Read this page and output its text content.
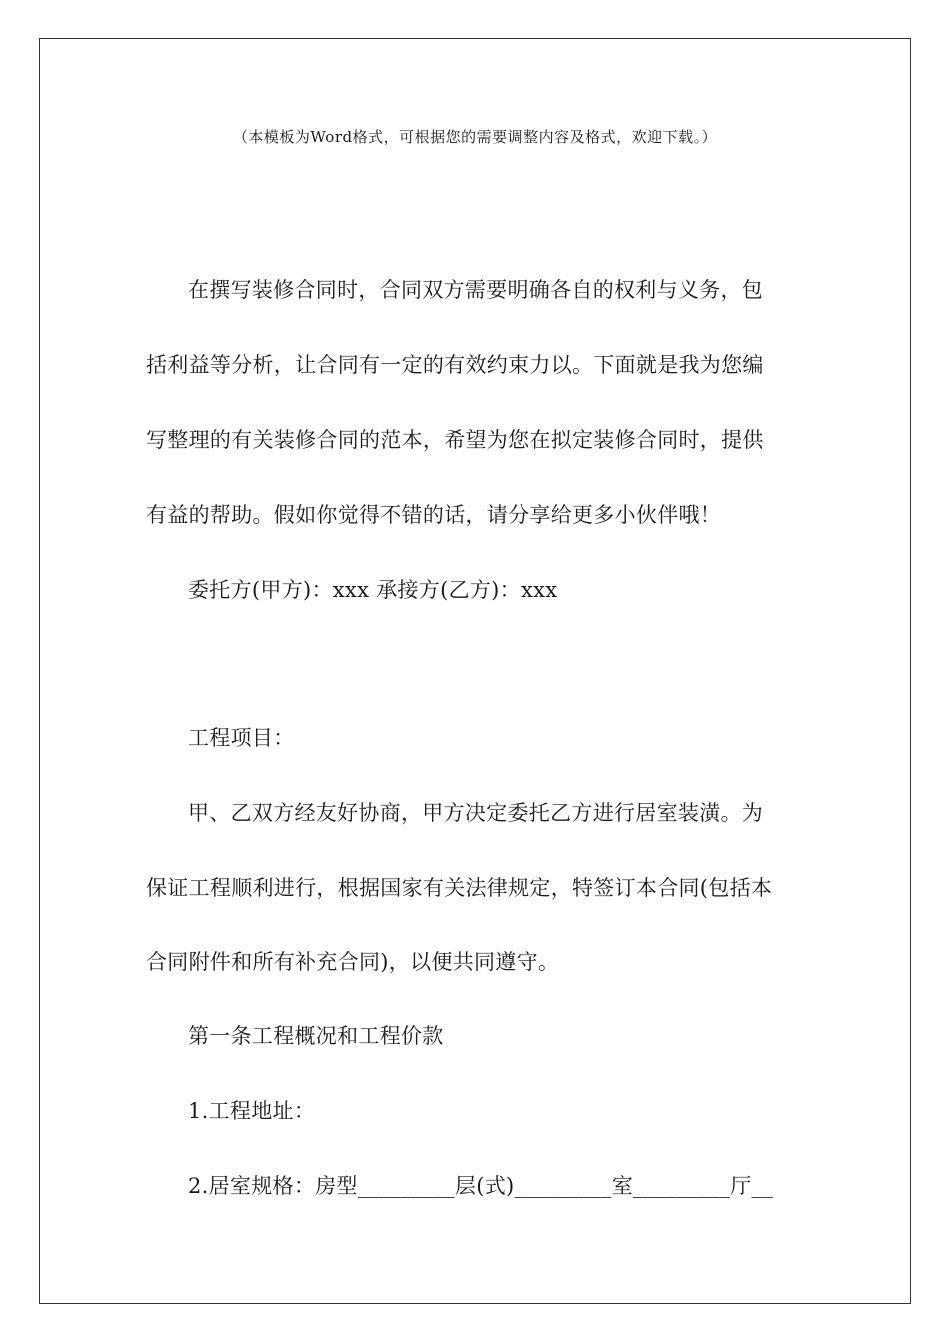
（本模板为Word格式，可根据您的需要调整内容及格式，欢迎下载。）
在撰写装修合同时，合同双方需要明确各自的权利与义务，包
括利益等分析，让合同有一定的有效约束力以。下面就是我为您编
写整理的有关装修合同的范本，希望为您在拟定装修合同时，提供
有益的帮助。假如你觉得不错的话，请分享给更多小伙伴哦！
委托方(甲方)：xxx 承接方(乙方)：xxx
工程项目：
甲、乙双方经友好协商，甲方决定委托乙方进行居室装潢。为
保证工程顺利进行，根据国家有关法律规定，特签订本合同(包括本
合同附件和所有补充合同)，以便共同遵守。
第一条工程概况和工程价款
1.工程地址：
2.居室规格：房型_________层(式)_________室_________厅__
